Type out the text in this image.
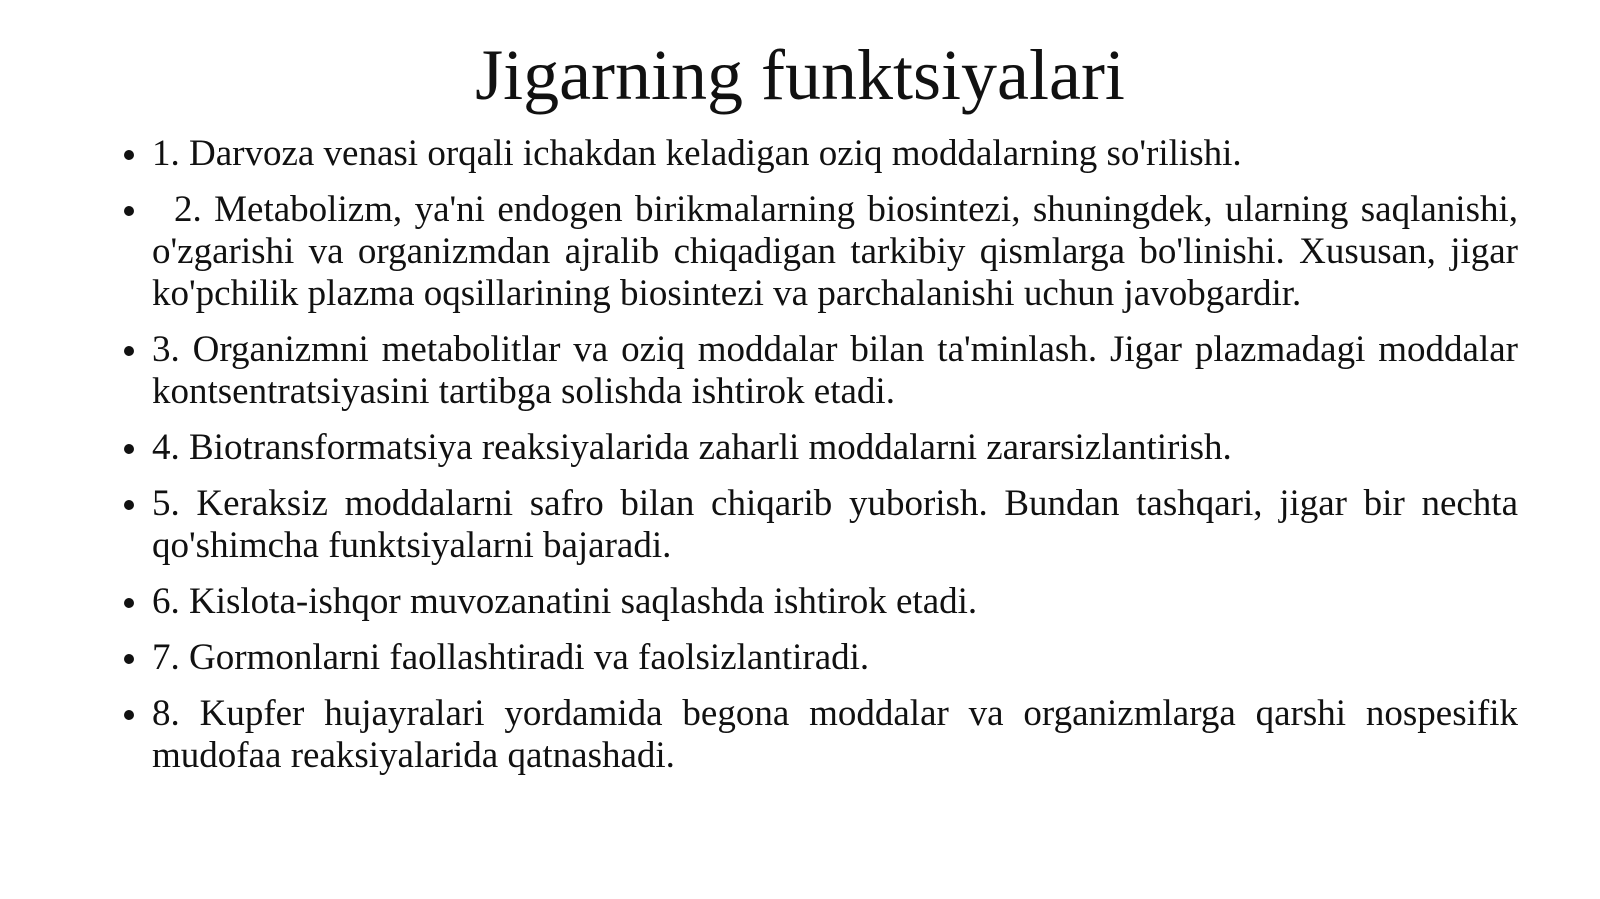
Jigarning funktsiyalari
1. Darvoza venasi orqali ichakdan keladigan oziq moddalarning so'rilishi.
2. Metabolizm, ya'ni endogen birikmalarning biosintezi, shuningdek, ularning saqlanishi, o'zgarishi va organizmdan ajralib chiqadigan tarkibiy qismlarga bo'linishi. Xususan, jigar ko'pchilik plazma oqsillarining biosintezi va parchalanishi uchun javobgardir.
3. Organizmni metabolitlar va oziq moddalar bilan ta'minlash. Jigar plazmadagi moddalar kontsentratsiyasini tartibga solishda ishtirok etadi.
4. Biotransformatsiya reaksiyalarida zaharli moddalarni zararsizlantirish.
5. Keraksiz moddalarni safro bilan chiqarib yuborish. Bundan tashqari, jigar bir nechta qo'shimcha funktsiyalarni bajaradi.
6. Kislota-ishqor muvozanatini saqlashda ishtirok etadi.
7. Gormonlarni faollashtiradi va faolsizlantiradi.
8. Kupfer hujayralari yordamida begona moddalar va organizmlarga qarshi nospesifik mudofaa reaksiyalarida qatnashadi.
